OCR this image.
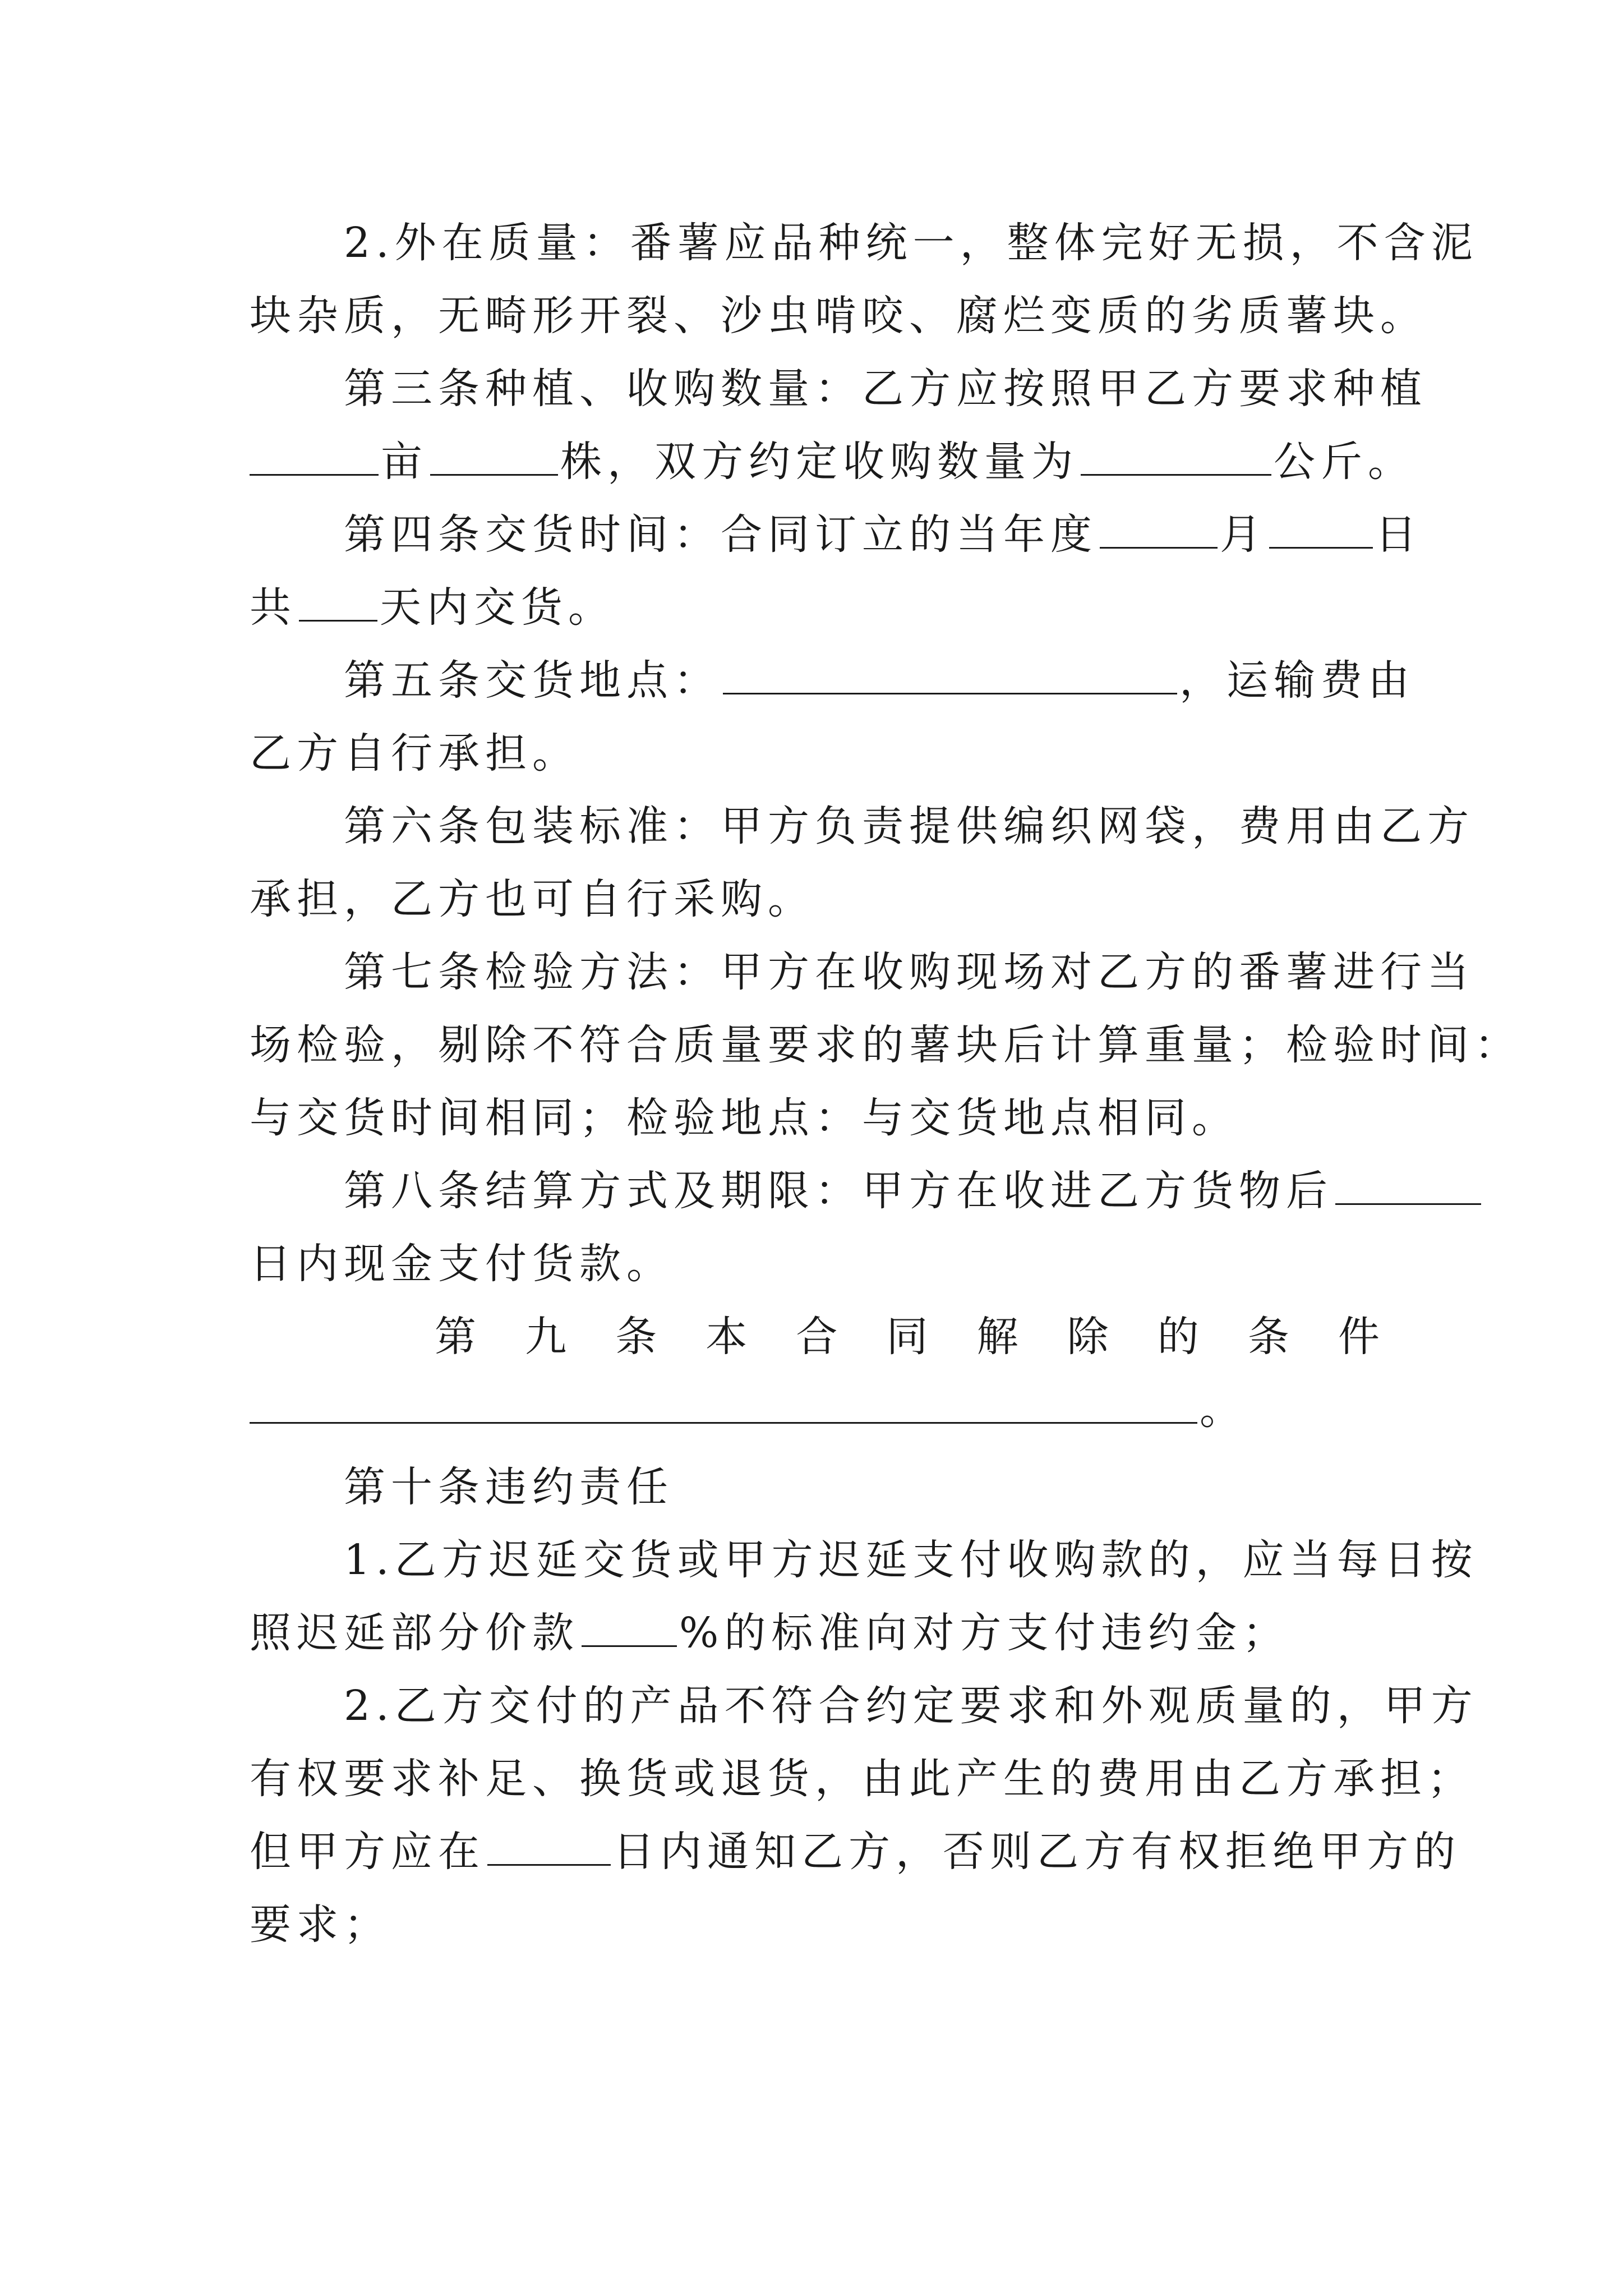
2.外在质量：番薯应品种统一，整体完好无损，不含泥
块杂质，无畸形开裂、沙虫啃咬、腐烂变质的劣质薯块。
第三条种植、收购数量：乙方应按照甲乙方要求种植
亩	株，双方约定收购数量为	公斤。
第四条交货时间：合同订立的当年度	月	日
共 天内交货。
第五条交货地点：	，运输费由
乙方自行承担。
第六条包装标准：甲方负责提供编织网袋，费用由乙方
承担，乙方也可自行采购。
第七条检验方法：甲方在收购现场对乙方的番薯进行当
场检验，剔除不符合质量要求的薯块后计算重量；检验时间：
与交货时间相同；检验地点：与交货地点相同。
第八条结算方式及期限：甲方在收进乙方货物后
日内现金支付货款。
第 九 条 本 合 同 解 除 的 条 件
。
第十条违约责任
1.乙方迟延交货或甲方迟延支付收购款的，应当每日按
照迟延部分价款 %的标准向对方支付违约金；
2.乙方交付的产品不符合约定要求和外观质量的，甲方
有权要求补足、换货或退货，由此产生的费用由乙方承担；
但甲方应在	日内通知乙方，否则乙方有权拒绝甲方的
要求；
